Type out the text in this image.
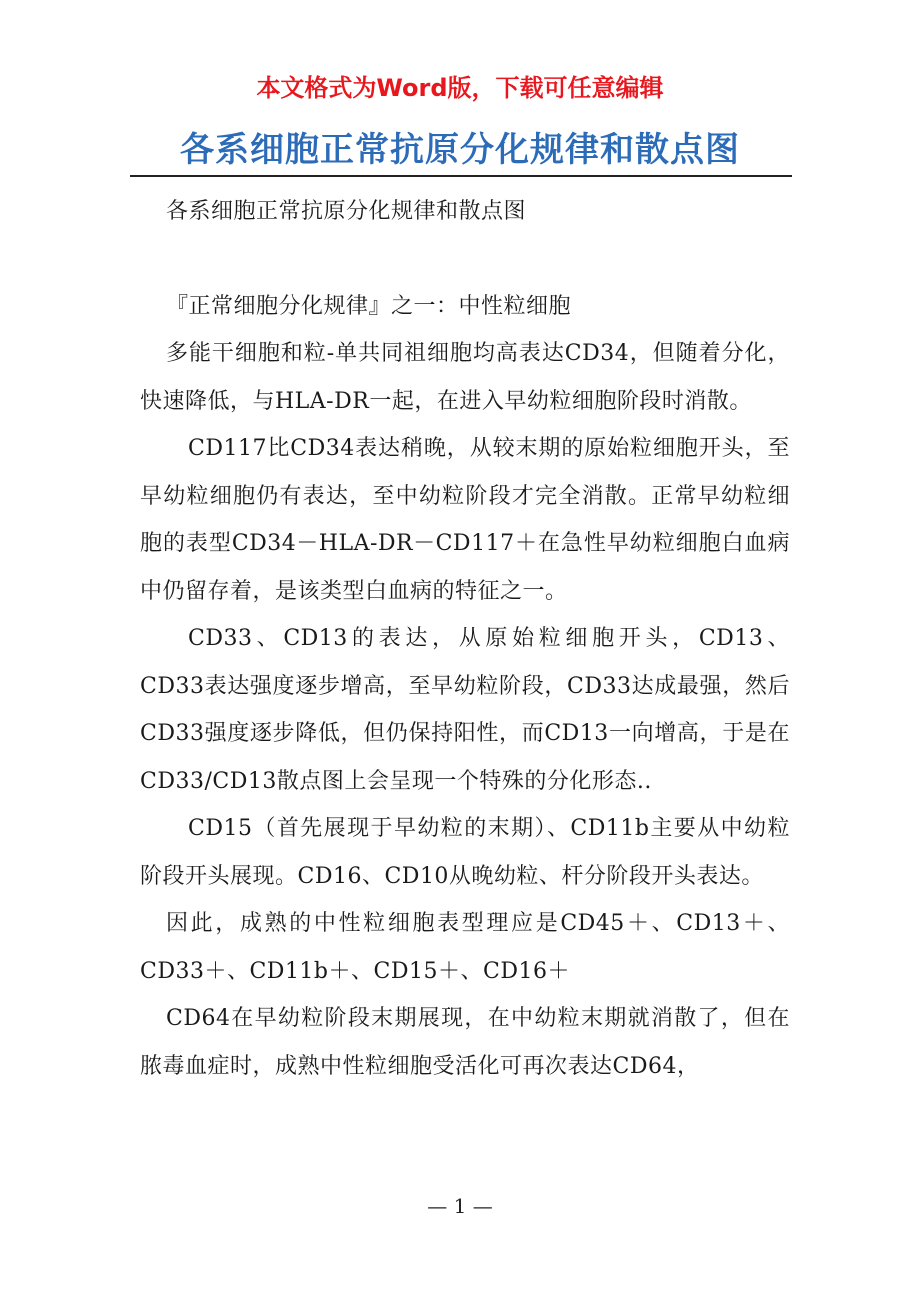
本文格式为Word版，下载可任意编辑
各系细胞正常抗原分化规律和散点图

各系细胞正常抗原分化规律和散点图

『正常细胞分化规律』之一：中性粒细胞

多能干细胞和粒-单共同祖细胞均高表达CD34，但随着分化，快速降低，与HLA-DR一起，在进入早幼粒细胞阶段时消散。

CD117比CD34表达稍晚，从较末期的原始粒细胞开头，至早幼粒细胞仍有表达，至中幼粒阶段才完全消散。正常早幼粒细胞的表型CD34－HLA-DR－CD117＋在急性早幼粒细胞白血病中仍留存着，是该类型白血病的特征之一。

CD33、CD13的表达，从原始粒细胞开头，CD13、 CD33表达强度逐步增高，至早幼粒阶段，CD33达成最强，然后CD33强度逐步降低，但仍保持阳性，而CD13一向增高，于是在CD33/CD13散点图上会呈现一个特殊的分化形态..

CD15（首先展现于早幼粒的末期）、CD11b主要从中幼粒阶段开头展现。CD16、CD10从晚幼粒、杆分阶段开头表达。

因此，成熟的中性粒细胞表型理应是CD45＋、CD13＋、CD33＋、CD11b＋、CD15＋、CD16＋

CD64在早幼粒阶段末期展现，在中幼粒末期就消散了，但在脓毒血症时，成熟中性粒细胞受活化可再次表达CD64，

— 1 —
